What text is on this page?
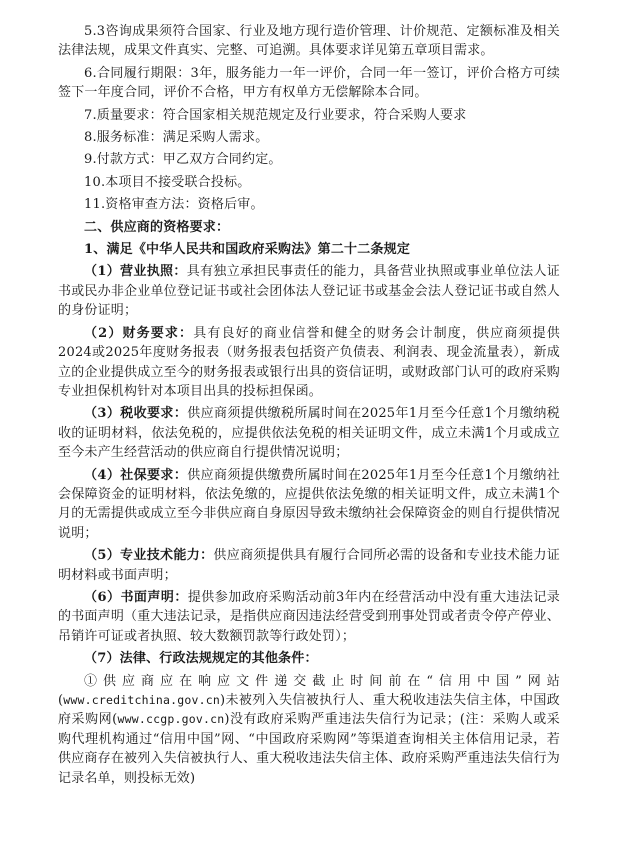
5.3咨询成果须符合国家、行业及地方现行造价管理、计价规范、定额标准及相关法律法规，成果文件真实、完整、可追溯。具体要求详见第五章项目需求。

6.合同履行期限：3年，服务能力一年一评价，合同一年一签订，评价合格方可续签下一年度合同，评价不合格，甲方有权单方无偿解除本合同。

7.质量要求：符合国家相关规范规定及行业要求，符合采购人要求

8.服务标准：满足采购人需求。

9.付款方式：甲乙双方合同约定。

10.本项目不接受联合投标。

11.资格审查方法：资格后审。

二、供应商的资格要求：

1、满足《中华人民共和国政府采购法》第二十二条规定

（1）营业执照：具有独立承担民事责任的能力，具备营业执照或事业单位法人证书或民办非企业单位登记证书或社会团体法人登记证书或基金会法人登记证书或自然人的身份证明；

（2）财务要求：具有良好的商业信誉和健全的财务会计制度，供应商须提供2024或2025年度财务报表（财务报表包括资产负债表、利润表、现金流量表），新成立的企业提供成立至今的财务报表或银行出具的资信证明，或财政部门认可的政府采购专业担保机构针对本项目出具的投标担保函。

（3）税收要求：供应商须提供缴税所属时间在2025年1月至今任意1个月缴纳税收的证明材料，依法免税的，应提供依法免税的相关证明文件，成立未满1个月或成立至今未产生经营活动的供应商自行提供情况说明；

（4）社保要求：供应商须提供缴费所属时间在2025年1月至今任意1个月缴纳社会保障资金的证明材料，依法免缴的，应提供依法免缴的相关证明文件，成立未满1个月的无需提供或成立至今非供应商自身原因导致未缴纳社会保障资金的则自行提供情况说明；

（5）专业技术能力：供应商须提供具有履行合同所必需的设备和专业技术能力证明材料或书面声明；

（6）书面声明：提供参加政府采购活动前3年内在经营活动中没有重大违法记录的书面声明（重大违法记录，是指供应商因违法经营受到刑事处罚或者责令停产停业、吊销许可证或者执照、较大数额罚款等行政处罚）；

（7）法律、行政法规规定的其他条件：

①供应商应在响应文件递交截止时间前在“信用中国”网站(www.creditchina.gov.cn)未被列入失信被执行人、重大税收违法失信主体，中国政府采购网(www.ccgp.gov.cn)没有政府采购严重违法失信行为记录；(注：采购人或采购代理机构通过“信用中国”网、“中国政府采购网”等渠道查询相关主体信用记录，若供应商存在被列入失信被执行人、重大税收违法失信主体、政府采购严重违法失信行为记录名单，则投标无效)
